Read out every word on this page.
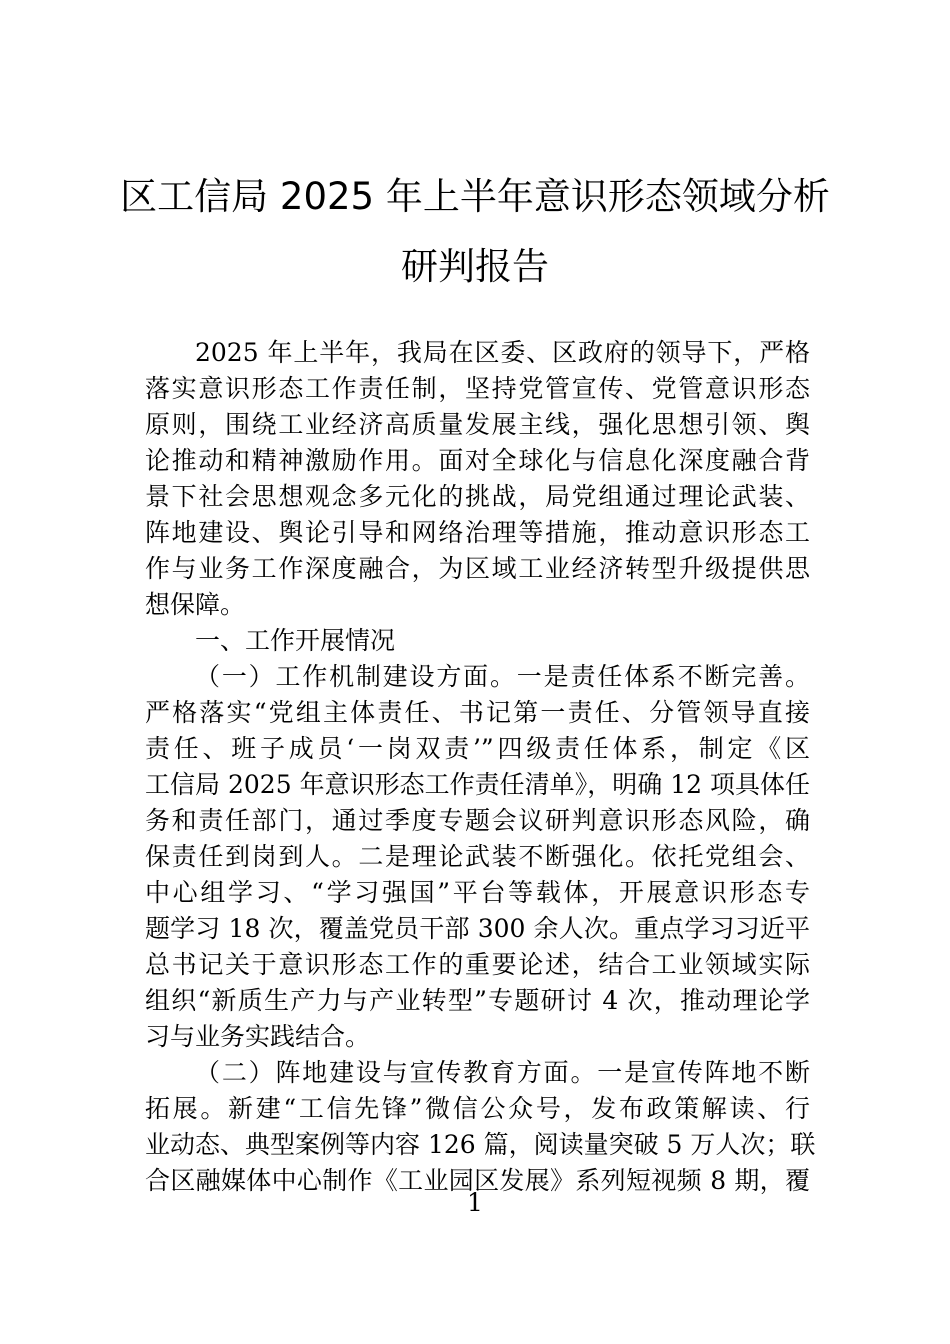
区工信局 2025 年上半年意识形态领域分析
研判报告
2025 年上半年，我局在区委、区政府的领导下，严格
落实意识形态工作责任制，坚持党管宣传、党管意识形态
原则，围绕工业经济高质量发展主线，强化思想引领、舆
论推动和精神激励作用。面对全球化与信息化深度融合背
景下社会思想观念多元化的挑战，局党组通过理论武装、
阵地建设、舆论引导和网络治理等措施，推动意识形态工
作与业务工作深度融合，为区域工业经济转型升级提供思
想保障。
一、工作开展情况
（一）工作机制建设方面。一是责任体系不断完善。
严格落实“党组主体责任、书记第一责任、分管领导直接
责任、班子成员‘一岗双责’”四级责任体系，制定《区
工信局 2025 年意识形态工作责任清单》，明确 12 项具体任
务和责任部门，通过季度专题会议研判意识形态风险，确
保责任到岗到人。二是理论武装不断强化。依托党组会、
中心组学习、“学习强国”平台等载体，开展意识形态专
题学习 18 次，覆盖党员干部 300 余人次。重点学习习近平
总书记关于意识形态工作的重要论述，结合工业领域实际
组织“新质生产力与产业转型”专题研讨 4 次，推动理论学
习与业务实践结合。
（二）阵地建设与宣传教育方面。一是宣传阵地不断
拓展。新建“工信先锋”微信公众号，发布政策解读、行
业动态、典型案例等内容 126 篇，阅读量突破 5 万人次；联
合区融媒体中心制作《工业园区发展》系列短视频 8 期，覆
1
